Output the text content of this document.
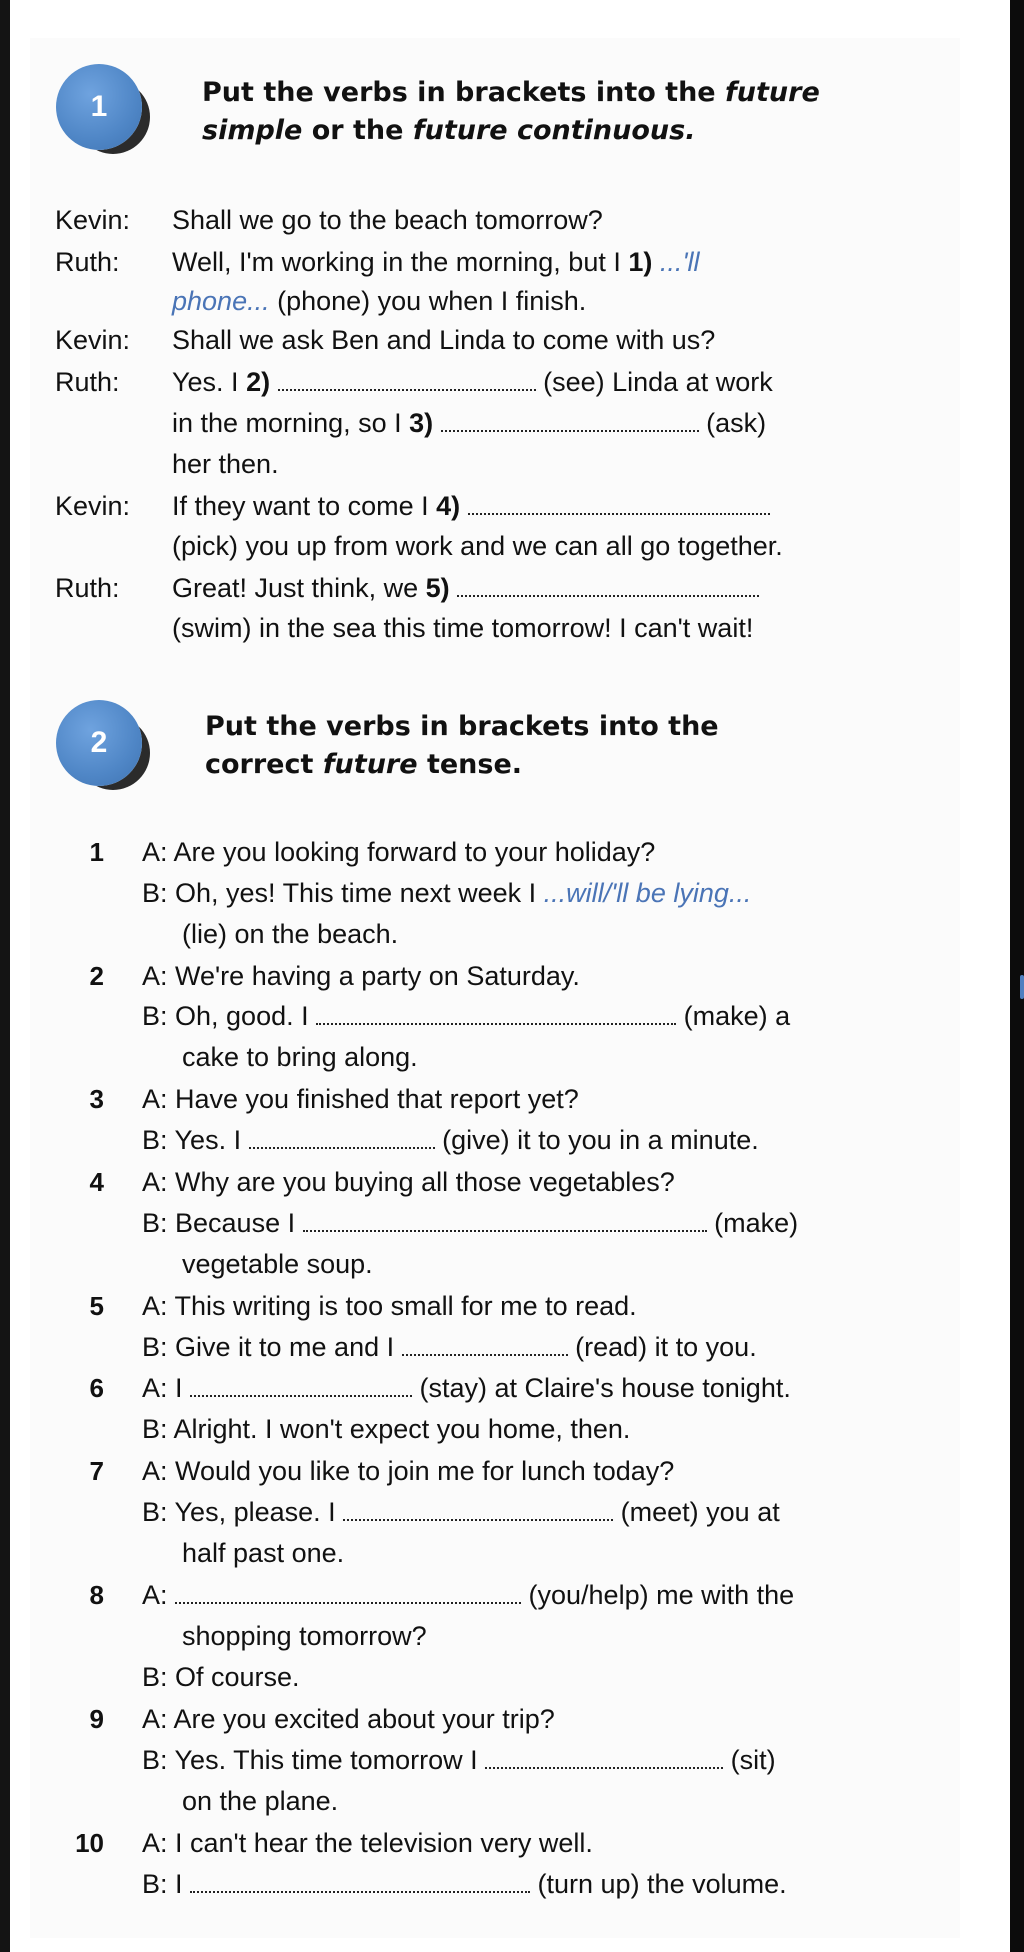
1	Put the verbs in brackets into the future
simple or the future continuous.
Kevin: Shall we go to the beach tomorrow?
Ruth: Well, I'm working in the morning, but I 1) ...'ll
phone... (phone) you when I finish.
Kevin: Shall we ask Ben and Linda to come with us?
Ruth: Yes. I 2)	(see) Linda at work
in the morning, so I 3)	(ask)
her then.
Kevin: If they want to come I 4)
(pick) you up from work and we can all go together.
Ruth: Great! Just think, we 5)
(swim) in the sea this time tomorrow! I can't wait!
2	Put the verbs in brackets into the
correct future tense.
1 A: Are you looking forward to your holiday?
B: Oh, yes! This time next week I ...will/'ll be lying...
(lie) on the beach.
2 A: We're having a party on Saturday.
B: Oh, good. I	(make) a
cake to bring along.
3 A: Have you finished that report yet?
B: Yes. I	(give) it to you in a minute.
4 A: Why are you buying all those vegetables?
B: Because I	(make)
vegetable soup.
5 A: This writing is too small for me to read.
B: Give it to me and I	(read) it to you.
6 A: I	(stay) at Claire's house tonight.
B: Alright. I won't expect you home, then.
7 A: Would you like to join me for lunch today?
B: Yes, please. I	(meet) you at
half past one.
8 A:	(you/help) me with the
shopping tomorrow?
B: Of course.
9 A: Are you excited about your trip?
B: Yes. This time tomorrow I	(sit)
on the plane.
10 A: I can't hear the television very well.
B: I	(turn up) the volume.
